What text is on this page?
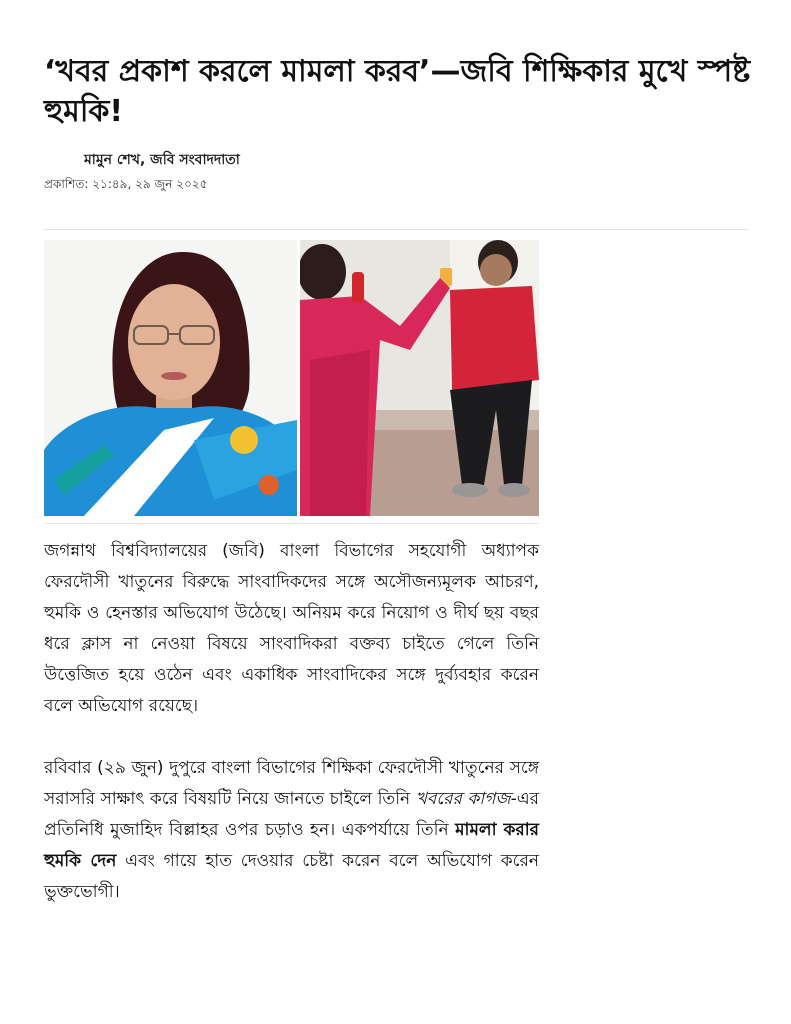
‘খবর প্রকাশ করলে মামলা করব’—জবি শিক্ষিকার মুখে স্পষ্ট হুমকি!

মামুন শেখ, জবি সংবাদদাতা

প্রকাশিত: ২১:৪৯, ২৯ জুন ২০২৫

জগন্নাথ বিশ্ববিদ্যালয়ের (জবি) বাংলা বিভাগের সহযোগী অধ্যাপক ফেরদৌসী খাতুনের বিরুদ্ধে সাংবাদিকদের সঙ্গে অসৌজন্যমূলক আচরণ, হুমকি ও হেনস্তার অভিযোগ উঠেছে। অনিয়ম করে নিয়োগ ও দীর্ঘ ছয় বছর ধরে ক্লাস না নেওয়া বিষয়ে সাংবাদিকরা বক্তব্য চাইতে গেলে তিনি উত্তেজিত হয়ে ওঠেন এবং একাধিক সাংবাদিকের সঙ্গে দুর্ব্যবহার করেন বলে অভিযোগ রয়েছে।

রবিবার (২৯ জুন) দুপুরে বাংলা বিভাগের শিক্ষিকা ফেরদৌসী খাতুনের সঙ্গে সরাসরি সাক্ষাৎ করে বিষয়টি নিয়ে জানতে চাইলে তিনি খবরের কাগজ-এর প্রতিনিধি মুজাহিদ বিল্লাহর ওপর চড়াও হন। একপর্যায়ে তিনি মামলা করার হুমকি দেন এবং গায়ে হাত দেওয়ার চেষ্টা করেন বলে অভিযোগ করেন ভুক্তভোগী।
